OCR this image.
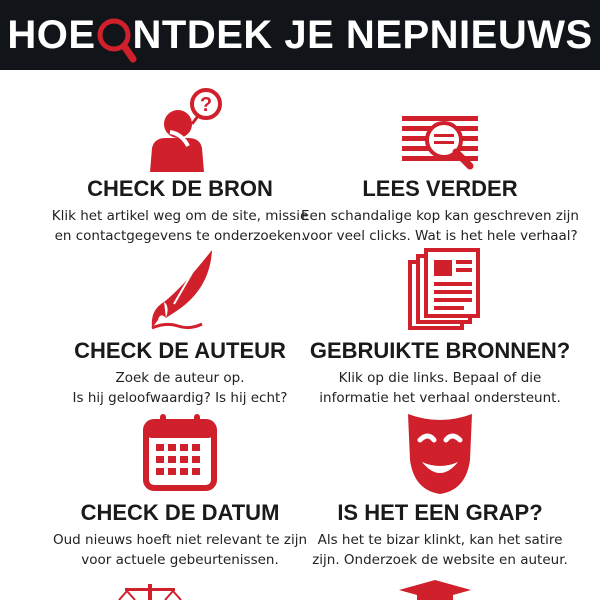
HOE NTDEK JE NEPNIEUWS
?
CHECK DE BRON
Klik het artikel weg om de site, missie
en contactgegevens te onderzoeken.
LEES VERDER
Een schandalige kop kan geschreven zijn
voor veel clicks. Wat is het hele verhaal?
CHECK DE AUTEUR
Zoek de auteur op.
Is hij geloofwaardig? Is hij echt?
GEBRUIKTE BRONNEN?
Klik op die links. Bepaal of die
informatie het verhaal ondersteunt.
CHECK DE DATUM
Oud nieuws hoeft niet relevant te zijn
voor actuele gebeurtenissen.
IS HET EEN GRAP?
Als het te bizar klinkt, kan het satire
zijn. Onderzoek de website en auteur.
